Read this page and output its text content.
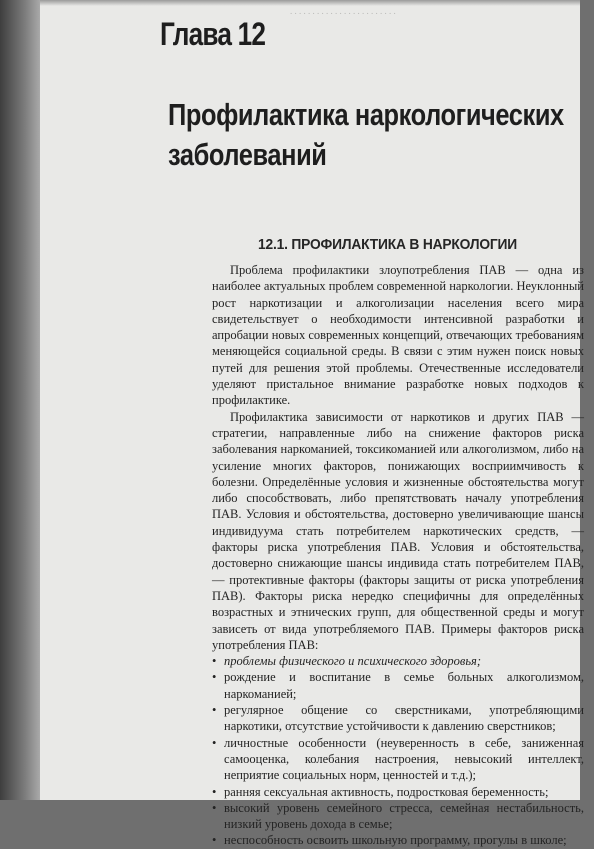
. . . . . . . . . . . . . . . . . . . . . . . .
Глава 12
Профилактика наркологических заболеваний
12.1. ПРОФИЛАКТИКА В НАРКОЛОГИИ

Проблема профилактики злоупотребления ПАВ — одна из наиболее актуальных проблем современной наркологии. Неуклонный рост наркотизации и алкоголизации населения всего мира свидетельствует о необходимости интенсивной разработки и апробации новых современных концепций, отвечающих требованиям меняющейся социальной среды. В связи с этим нужен поиск новых путей для решения этой проблемы. Отечественные исследователи уделяют пристальное внимание разработке новых подходов к профилактике.

Профилактика зависимости от наркотиков и других ПАВ — стратегии, направленные либо на снижение факторов риска заболевания наркоманией, токсикоманией или алкоголизмом, либо на усиление многих факторов, понижающих восприимчивость к болезни. Определённые условия и жизненные обстоятельства могут либо способствовать, либо препятствовать началу употребления ПАВ. Условия и обстоятельства, достоверно увеличивающие шансы индивидуума стать потребителем наркотических средств, — факторы риска употребления ПАВ. Условия и обстоятельства, достоверно снижающие шансы индивида стать потребителем ПАВ, — протективные факторы (факторы защиты от риска употребления ПАВ). Факторы риска нередко специфичны для определённых возрастных и этнических групп, для общественной среды и могут зависеть от вида употребляемого ПАВ. Примеры факторов риска употребления ПАВ:

• проблемы физического и психического здоровья;
• рождение и воспитание в семье больных алкоголизмом, наркоманией;
• регулярное общение со сверстниками, употребляющими наркотики, отсутствие устойчивости к давлению сверстников;
• личностные особенности (неуверенность в себе, заниженная самооценка, колебания настроения, невысокий интеллект, неприятие социальных норм, ценностей и т.д.);
• ранняя сексуальная активность, подростковая беременность;
• высокий уровень семейного стресса, семейная нестабильность, низкий уровень дохода в семье;
• неспособность освоить школьную программу, прогулы в школе;
